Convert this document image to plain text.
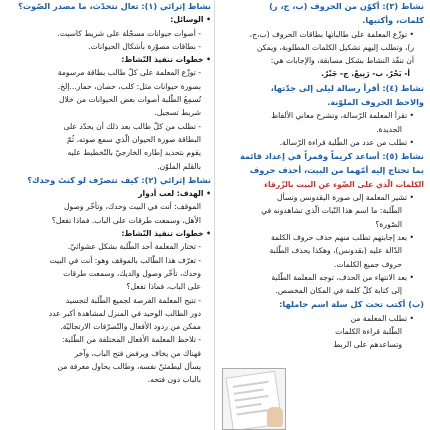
نشاط (٣): أكوّن من الحروف (ب، ج، ر)

كلمات، وأكتبها.

• توزّع المعلمة على طالباتها بطاقات الحروف (ب،ج،

ر)، وتطلب إليهم تشكيل الكلمات المطلوبة، ويمكن

أن تنفّذ النشاط بشكل مسابقة، والإجابات هي:

أ- بَحْرٌ. ب- رَبِيعٌ. ج- جَبْرٌ.

نشاط (٤): أقرأ رسالة ليلى إلى جدّتها،

والاحظ الحروف الملوّنة.

• تقرأ المعلمة الرّسالة، وتشرح معاني الألفاظ

الجديدة.

• تطلب من عدد من الطّلبة قراءة الرّسالة.

نشاط (٥): أساعد كريماً وقمراً في إعداد قائمة

بما تحتاج إليه أمّهما من البيت، أحذف حروف

الكلمات الّذي على الضّوء عن البيت بالزّرقاء

• تشير المعلمة إلى صورة البقدونس ونسأل

الطّلبة: ما اسم هذا النّبات الّذي تشاهدونه في

الصّورة؟

• بعد إجابتهم تطلب منهم حذف حروف الكلمة

الدّالة عليه (بقدونس)، وهكذا يحذف الطّلبة

حروف جميع الكلمات.

• بعد الانتهاء من الحذف، توجه المعلمة الطّلبة

إلى كتابة كلّ كلمة في المكان المخصص.

(ب) أكتب تحت كل سلة اسم حاملها:

• تطلب المعلمة من

الطّلبة قراءة الكلمات

وتساعدهم على الربط

نشاط إثرائي (١): تعال نتحدّث، ما مصدر الصّوت؟

• الوسائل:

- أصوات حيوانات مسجّلة على شريط كاسيت.

- بطاقات مصوّرة بأشكال الحيوانات.

• خطوات تنفيذ النّشاط:

- توزّع المعلمة على كلّ طالب بطاقة مرسومة

بصورة حيوانات مثل: كلب، حصان، حمار...إلخ.

تُسمِعُ الطّلبة أصوات بعض الحيوانات من خلال

شريط تسجيل.

- تطلب من كلّ طالب بعد ذلك أن يحدّد على

البطاقة صورة الحيوان الّذي سمع صوته، ثُمّ

يقوم بتحديد إطاره الخارجيّ بالتّخطيط عليه

بالقلم الملوّن.

نشاط إثرائي (٢): كيف تتصرّف لو كنتَ وحدك؟

• الهدف: لعب أدوار

الموقف: أنت في البيت وحدك، وتأخّر وصول

الأهل، وسمعت طرقات على الباب. فماذا تفعل؟

• خطوات تنفيذ النّشاط:

- تختار المعلمة أحد الطّلبة بشكل عشوائيّ.

- تعرّف هذا الطّالب بالموقف وهو: أنت في البيت

وحدك، تأخّر وصول والديك، وسمعت طرقات

على الباب، فماذا تفعل؟

- تتيح المعلمة الفرصة لجميع الطّلبة لتجسيد

دور الطالب الوحيد في المنزل لمشاهدة أكبر عدد

ممكن من ردود الأفعال والتّصرّفات الارتجاليّة.

- تلاحظ المعلمة الأفعال المختلفة من الطّلبة:

فهناك من يخاف ويرفض فتح الباب، وآخر

يسأل ليطمئنّ نفسه، وطالب يحاول معرفة من

بالباب دون فتحه.
